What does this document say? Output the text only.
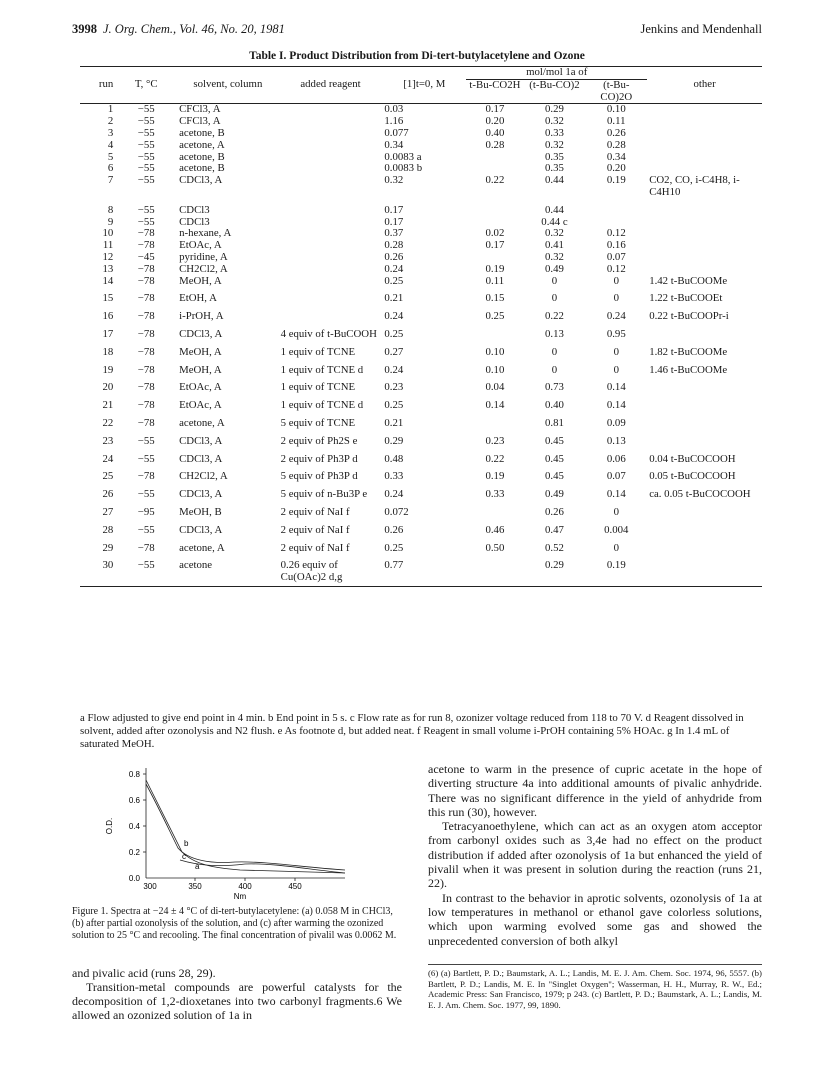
3998 J. Org. Chem., Vol. 46, No. 20, 1981	Jenkins and Mendenhall
Table I. Product Distribution from Di-tert-butylacetylene and Ozone
					mol/mol 1a of			
run	T, °C	solvent, column	added reagent	[1]t=0, M	t-Bu-CO2H	(t-Bu-CO)2	(t-Bu-CO)2O	other
1	−55	CFCl3, A		0.03	0.17	0.29	0.10	
2	−55	CFCl3, A		1.16	0.20	0.32	0.11	
3	−55	acetone, B		0.077	0.40	0.33	0.26	
4	−55	acetone, A		0.34	0.28	0.32	0.28	
5	−55	acetone, B		0.0083 a		0.35	0.34	
6	−55	acetone, B		0.0083 b		0.35	0.20	
7	−55	CDCl3, A		0.32	0.22	0.44	0.19	CO2, CO, i-C4H8, i-C4H10
8	−55	CDCl3		0.17		0.44		
9	−55	CDCl3		0.17		0.44 c		
10	−78	n-hexane, A		0.37	0.02	0.32	0.12	
11	−78	EtOAc, A		0.28	0.17	0.41	0.16	
12	−45	pyridine, A		0.26		0.32	0.07	
13	−78	CH2Cl2, A		0.24	0.19	0.49	0.12	
14	−78	MeOH, A		0.25	0.11	0	0	1.42 t-BuCOOMe
15	−78	EtOH, A		0.21	0.15	0	0	1.22 t-BuCOOEt
16	−78	i-PrOH, A		0.24	0.25	0.22	0.24	0.22 t-BuCOOPr-i
17	−78	CDCl3, A	4 equiv of t-BuCOOH	0.25		0.13	0.95	
18	−78	MeOH, A	1 equiv of TCNE	0.27	0.10	0	0	1.82 t-BuCOOMe
19	−78	MeOH, A	1 equiv of TCNE d	0.24	0.10	0	0	1.46 t-BuCOOMe
20	−78	EtOAc, A	1 equiv of TCNE	0.23	0.04	0.73	0.14	
21	−78	EtOAc, A	1 equiv of TCNE d	0.25	0.14	0.40	0.14	
22	−78	acetone, A	5 equiv of TCNE	0.21		0.81	0.09	
23	−55	CDCl3, A	2 equiv of Ph2S e	0.29	0.23	0.45	0.13	
24	−55	CDCl3, A	2 equiv of Ph3P d	0.48	0.22	0.45	0.06	0.04 t-BuCOCOOH
25	−78	CH2Cl2, A	5 equiv of Ph3P d	0.33	0.19	0.45	0.07	0.05 t-BuCOCOOH
26	−55	CDCl3, A	5 equiv of n-Bu3P e	0.24	0.33	0.49	0.14	ca. 0.05 t-BuCOCOOH
27	−95	MeOH, B	2 equiv of NaI f	0.072		0.26	0	
28	−55	CDCl3, A	2 equiv of NaI f	0.26	0.46	0.47	0.004	
29	−78	acetone, A	2 equiv of NaI f	0.25	0.50	0.52	0	
30	−55	acetone	0.26 equiv of Cu(OAc)2 d,g	0.77		0.29	0.19	
a Flow adjusted to give end point in 4 min. b End point in 5 s. c Flow rate as for run 8, ozonizer voltage reduced from 118 to 70 V. d Reagent dissolved in solvent, added after ozonolysis and N2 flush. e As footnote d, but added neat. f Reagent in small volume i-PrOH containing 5% HOAc. g In 1.4 mL of saturated MeOH.
0.8
0.6
0.4
0.2
0.0
300	350	400	450
Nm
O.D.
b
c
a
Figure 1. Spectra at −24 ± 4 °C of di-tert-butylacetylene: (a) 0.058 M in CHCl3, (b) after partial ozonolysis of the solution, and (c) after warming the ozonized solution to 25 °C and recooling. The final concentration of pivalil was 0.0062 M.

and pivalic acid (runs 28, 29).

Transition-metal compounds are powerful catalysts for the decomposition of 1,2-dioxetanes into two carbonyl fragments.6 We allowed an ozonized solution of 1a in

acetone to warm in the presence of cupric acetate in the hope of diverting structure 4a into additional amounts of pivalic anhydride. There was no significant difference in the yield of anhydride from this run (30), however.

Tetracyanoethylene, which can act as an oxygen atom acceptor from carbonyl oxides such as 3,4e had no effect on the product distribution if added after ozonolysis of 1a but enhanced the yield of pivalil when it was present in solution during the reaction (runs 21, 22).

In contrast to the behavior in aprotic solvents, ozonolysis of 1a at low temperatures in methanol or ethanol gave colorless solutions, which upon warming evolved some gas and showed the unprecedented conversion of both alkyl

(6) (a) Bartlett, P. D.; Baumstark, A. L.; Landis, M. E. J. Am. Chem. Soc. 1974, 96, 5557. (b) Bartlett, P. D.; Landis, M. E. In "Singlet Oxygen"; Wasserman, H. H., Murray, R. W., Ed.; Academic Press: San Francisco, 1979; p 243. (c) Bartlett, P. D.; Baumstark, A. L.; Landis, M. E. J. Am. Chem. Soc. 1977, 99, 1890.
